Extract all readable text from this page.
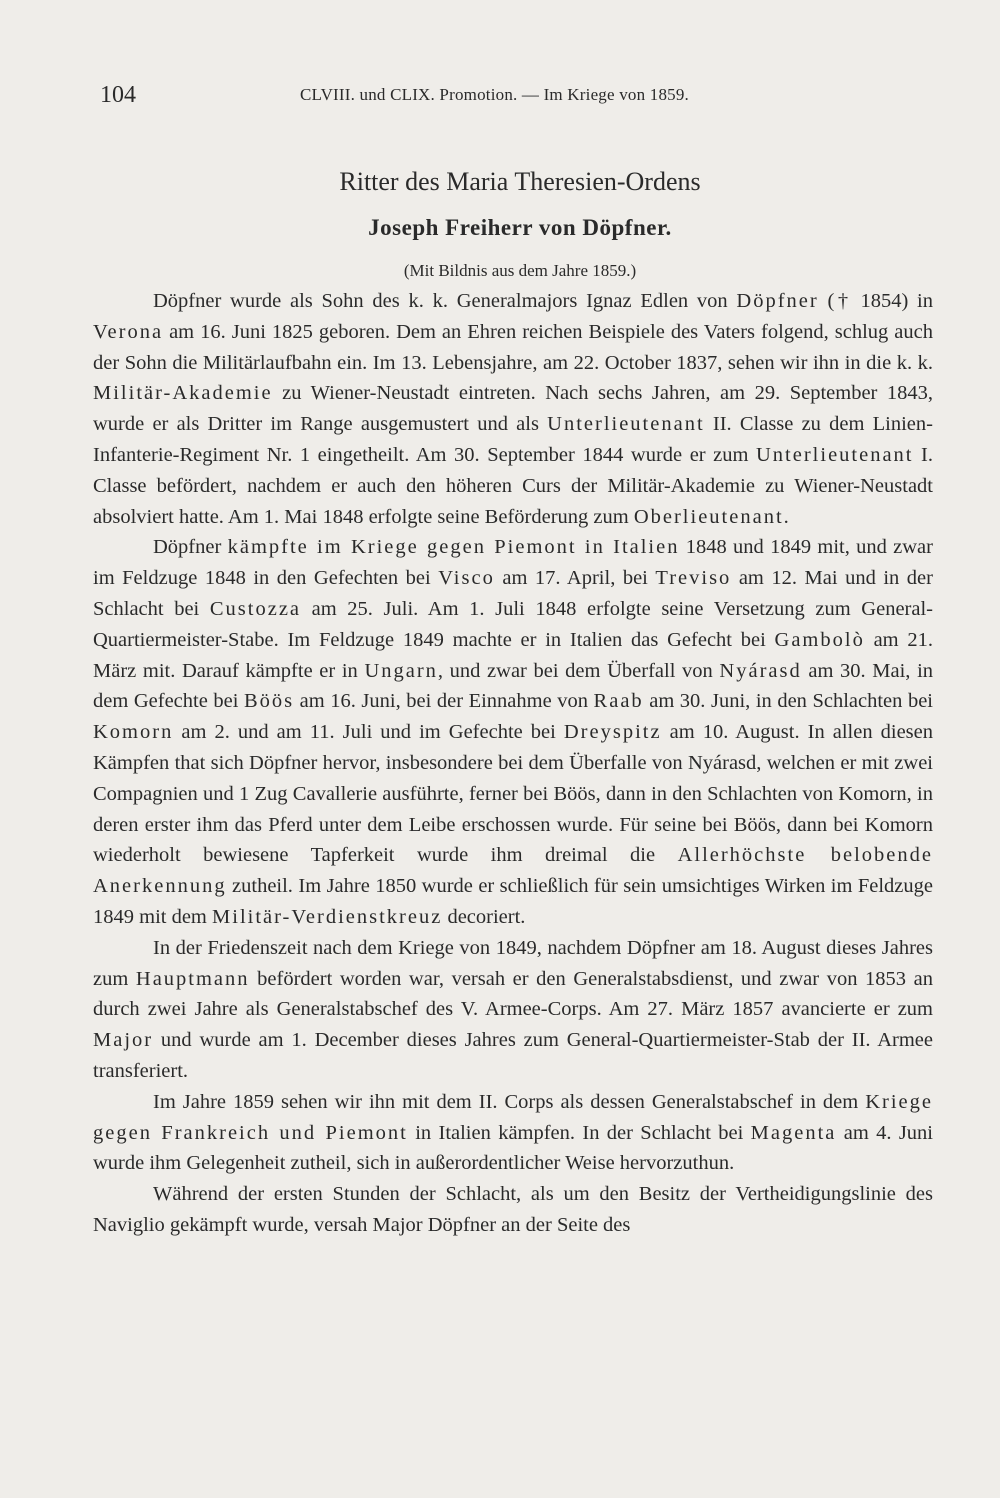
104	CLVIII. und CLIX. Promotion. — Im Kriege von 1859.
Ritter des Maria Theresien-Ordens
Joseph Freiherr von Döpfner.
(Mit Bildnis aus dem Jahre 1859.)

Döpfner wurde als Sohn des k. k. Generalmajors Ignaz Edlen von Döpfner († 1854) in Verona am 16. Juni 1825 geboren. Dem an Ehren reichen Beispiele des Vaters folgend, schlug auch der Sohn die Militärlaufbahn ein. Im 13. Lebensjahre, am 22. October 1837, sehen wir ihn in die k. k. Militär-Akademie zu Wiener-Neustadt eintreten. Nach sechs Jahren, am 29. September 1843, wurde er als Dritter im Range ausgemustert und als Unterlieutenant II. Classe zu dem Linien-Infanterie-Regiment Nr. 1 eingetheilt. Am 30. September 1844 wurde er zum Unterlieutenant I. Classe befördert, nachdem er auch den höheren Curs der Militär-Akademie zu Wiener-Neustadt absolviert hatte. Am 1. Mai 1848 erfolgte seine Beförderung zum Oberlieutenant.

Döpfner kämpfte im Kriege gegen Piemont in Italien 1848 und 1849 mit, und zwar im Feldzuge 1848 in den Gefechten bei Visco am 17. April, bei Treviso am 12. Mai und in der Schlacht bei Custozza am 25. Juli. Am 1. Juli 1848 erfolgte seine Versetzung zum General-Quartiermeister-Stabe. Im Feldzuge 1849 machte er in Italien das Gefecht bei Gambolò am 21. März mit. Darauf kämpfte er in Ungarn, und zwar bei dem Überfall von Nyárasd am 30. Mai, in dem Gefechte bei Böös am 16. Juni, bei der Einnahme von Raab am 30. Juni, in den Schlachten bei Komorn am 2. und am 11. Juli und im Gefechte bei Dreyspitz am 10. August. In allen diesen Kämpfen that sich Döpfner hervor, insbesondere bei dem Überfalle von Nyárasd, welchen er mit zwei Compagnien und 1 Zug Cavallerie ausführte, ferner bei Böös, dann in den Schlachten von Komorn, in deren erster ihm das Pferd unter dem Leibe erschossen wurde. Für seine bei Böös, dann bei Komorn wiederholt bewiesene Tapferkeit wurde ihm dreimal die Allerhöchste belobende Anerkennung zutheil. Im Jahre 1850 wurde er schließlich für sein umsichtiges Wirken im Feldzuge 1849 mit dem Militär-Verdienstkreuz decoriert.

In der Friedenszeit nach dem Kriege von 1849, nachdem Döpfner am 18. August dieses Jahres zum Hauptmann befördert worden war, versah er den Generalstabsdienst, und zwar von 1853 an durch zwei Jahre als Generalstabschef des V. Armee-Corps. Am 27. März 1857 avancierte er zum Major und wurde am 1. December dieses Jahres zum General-Quartiermeister-Stab der II. Armee transferiert.

Im Jahre 1859 sehen wir ihn mit dem II. Corps als dessen Generalstabschef in dem Kriege gegen Frankreich und Piemont in Italien kämpfen. In der Schlacht bei Magenta am 4. Juni wurde ihm Gelegenheit zutheil, sich in außerordentlicher Weise hervorzuthun.

Während der ersten Stunden der Schlacht, als um den Besitz der Vertheidigungslinie des Naviglio gekämpft wurde, versah Major Döpfner an der Seite des
